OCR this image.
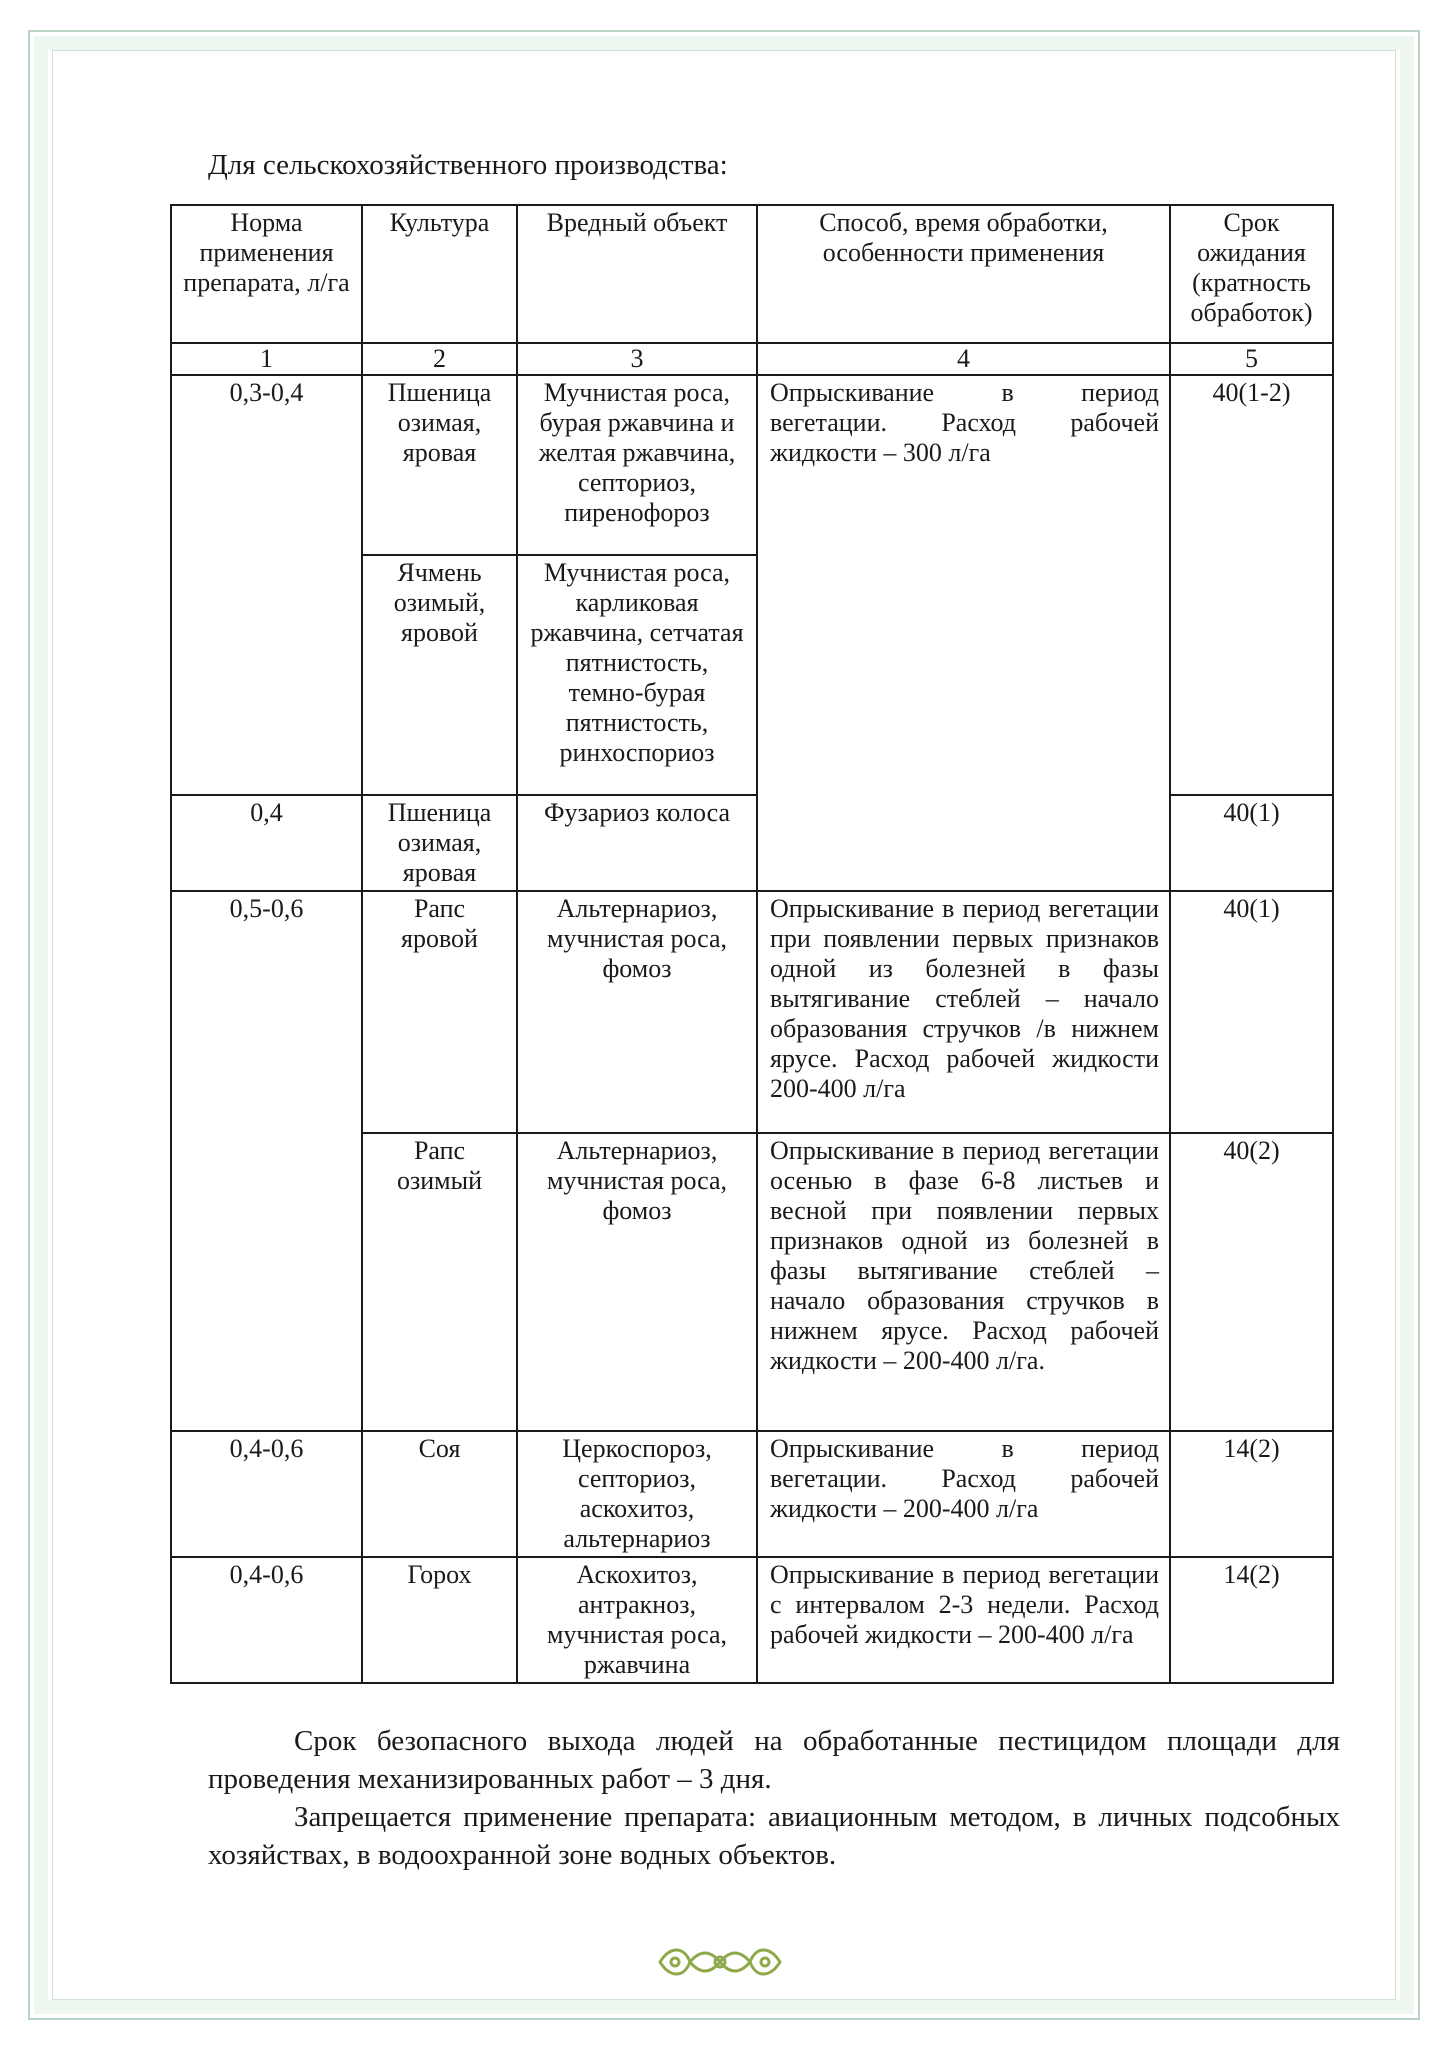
Для сельскохозяйственного производства:
Норма применения препарата, л/га	Культура	Вредный объект	Способ, время обработки, особенности применения	Срок ожидания (кратность обработок)
1	2	3	4	5
0,3-0,4	Пшеница озимая, яровая	Мучнистая роса, бурая ржавчина и желтая ржавчина, септориоз, пиренофороз	Опрыскивание в период вегетации. Расход рабочей жидкости – 300 л/га	40(1-2)
	Ячмень озимый, яровой	Мучнистая роса, карликовая ржавчина, сетчатая пятнистость, темно-бурая пятнистость, ринхоспориоз		
0,4	Пшеница озимая, яровая	Фузариоз колоса		40(1)
0,5-0,6	Рапс яровой	Альтернариоз, мучнистая роса, фомоз	Опрыскивание в период вегетации при появлении первых признаков одной из болезней в фазы вытягивание стеблей – начало образования стручков /в нижнем ярусе. Расход рабочей жидкости 200-400 л/га	40(1)
	Рапс озимый	Альтернариоз, мучнистая роса, фомоз	Опрыскивание в период вегетации осенью в фазе 6-8 листьев и весной при появлении первых признаков одной из болезней в фазы вытягивание стеблей – начало образования стручков в нижнем ярусе. Расход рабочей жидкости – 200-400 л/га.	40(2)
0,4-0,6	Соя	Церкоспороз, септориоз, аскохитоз, альтернариоз	Опрыскивание в период вегетации. Расход рабочей жидкости – 200-400 л/га	14(2)
0,4-0,6	Горох	Аскохитоз, антракноз, мучнистая роса, ржавчина	Опрыскивание в период вегетации с интервалом 2-3 недели. Расход рабочей жидкости – 200-400 л/га	14(2)

Срок безопасного выхода людей на обработанные пестицидом площади для проведения механизированных работ – 3 дня.

Запрещается применение препарата: авиационным методом, в личных подсобных хозяйствах, в водоохранной зоне водных объектов.
